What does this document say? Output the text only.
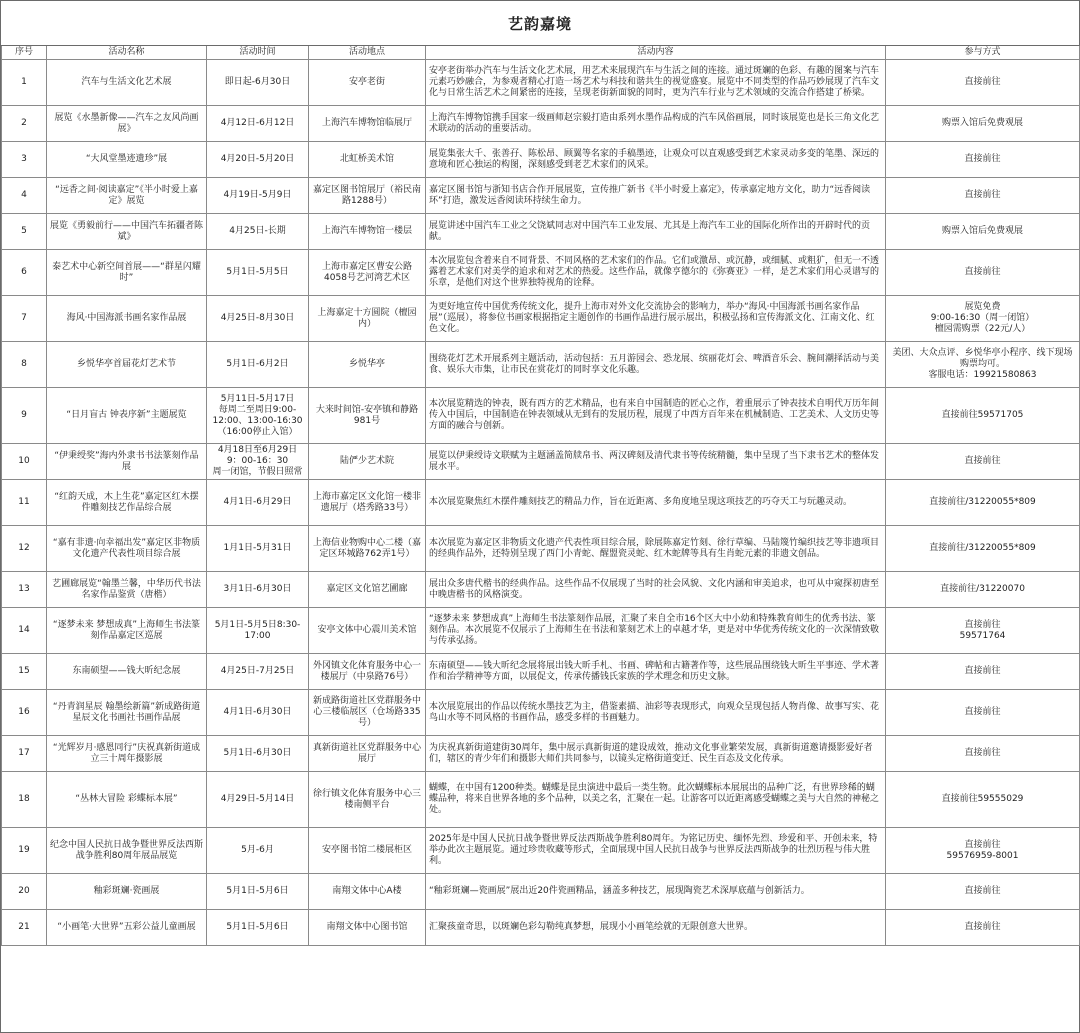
艺韵嘉境
序号	活动名称	活动时间	活动地点	活动内容	参与方式
1	汽车与生活文化艺术展	即日起-6月30日	安亭老街	安亭老街举办汽车与生活文化艺术展，用艺术来展现汽车与生活之间的连接。通过斑斓的色彩、有趣的图案与汽车元素巧妙融合，为参观者精心打造一场艺术与科技和谐共生的视觉盛宴。展览中不同类型的作品巧妙展现了汽车文化与日常生活艺术之间紧密的连接，呈现老街新面貌的同时，更为汽车行业与艺术领域的交流合作搭建了桥梁。	直接前往
2	展览《水墨新像——汽车之友风尚画展》	4月12日-6月12日	上海汽车博物馆临展厅	上海汽车博物馆携手国家一级画师赵宗毅打造由系列水墨作品构成的汽车风俗画展，同时该展览也是长三角文化艺术联动的活动的重要活动。	购票入馆后免费观展
3	“大风堂墨迹遗珍”展	4月20日-5月20日	北虹桥美术馆	展览集张大千、张善孖、陈松昂、顾翼等名家的手稿墨迹，让观众可以直观感受到艺术家灵动多变的笔墨、深远的意境和匠心独运的构图，深刻感受到老艺术家们的风采。	直接前往
4	“远香之间·阅读嘉定”《半小时爱上嘉定》展览	4月19日-5月9日	嘉定区图书馆展厅（裕民南路1288号）	嘉定区图书馆与浙知书店合作开展展览，宣传推广新书《半小时爱上嘉定》，传承嘉定地方文化，助力“远香阅读环”打造，激发远香阅读环持续生命力。	直接前往
5	展览《勇毅前行——中国汽车拓疆者陈斌》	4月25日-长期	上海汽车博物馆一楼层	展览讲述中国汽车工业之父饶斌同志对中国汽车工业发展、尤其是上海汽车工业的国际化所作出的开辟时代的贡献。	购票入馆后免费观展
6	泰艺术中心新空间首展——“群星闪耀时”	5月1日-5月5日	上海市嘉定区曹安公路4058号艺河湾艺术区	本次展览包含着来自不同背景、不同风格的艺术家们的作品。它们或激昂、或沉静，或细腻、或粗犷，但无一不透露着艺术家们对美学的追求和对艺术的热爱。这些作品，就像亨德尔的《弥赛亚》一样，是艺术家们用心灵谱写的乐章，是他们对这个世界独特视角的诠释。	直接前往
7	海风·中国海派书画名家作品展	4月25日-8月30日	上海嘉定十方圆院（檀园内）	为更好地宣传中国优秀传统文化，提升上海市对外文化交流协会的影响力，举办“海风·中国海派书画名家作品展”（巡展），将参位书画家根据指定主题创作的书画作品进行展示展出，积极弘扬和宣传海派文化、江南文化、红色文化。	展览免费
9:00-16:30（周一闭馆）
檀园需购票（22元/人）
8	乡悦华亭首届花灯艺术节	5月1日-6月2日	乡悦华亭	围绕花灯艺术开展系列主题活动，活动包括：五月游园会、恐龙展、缤丽花灯会、啤酒音乐会、腕间潮择活动与美食、娱乐大市集，让市民在赏花灯的同时享文化乐趣。	美团、大众点评、乡悦华亭小程序、线下现场购票均可。
客服电话：19921580863
9	“日月盲古 钟表序新”主题展览	5月11日-5月17日
每周二至周日9:00-12:00、13:00-16:30（16:00停止入馆）	大来时间馆-安亭镇和静路981号	本次展览精选的钟表，既有西方的艺术精品，也有来自中国制造的匠心之作，着重展示了钟表技术自明代万历年间传入中国后，中国制造在钟表领域从无到有的发展历程，展现了中西方百年来在机械制造、工艺美术、人文历史等方面的融合与创新。	直接前往59571705
10	“伊秉绶奖”海内外隶书书法篆刻作品展	4月18日至6月29日
9：00-16：30
周一闭馆，节假日照常	陆俨少艺术院	展览以伊秉绶诗文联赋为主题涵盖简牍帛书、两汉碑刻及清代隶书等传统精髓，集中呈现了当下隶书艺术的整体发展水平。	直接前往
11	“红韵天成，木上生花”嘉定区红木摆件雕刻技艺作品综合展	4月1日-6月29日	上海市嘉定区文化馆一楼非遗展厅（塔秀路33号）	本次展览聚焦红木摆件雕刻技艺的精品力作，旨在近距离、多角度地呈现这项技艺的巧夺天工与玩趣灵动。	直接前往/31220055*809
12	“嘉有非遗·向幸福出发”嘉定区非物质文化遗产代表性项目综合展	1月1日-5月31日	上海信业物购中心二楼（嘉定区环城路762弄1号）	本次展览为嘉定区非物质文化遗产代表性项目综合展，除展陈嘉定竹刻、徐行草编、马陆篾竹编织技艺等非遗项目的经典作品外，还特别呈现了西门小青蛇、醒盟瓷灵蛇、红木蛇牌等具有生肖蛇元素的非遗文创品。	直接前往/31220055*809
13	艺圃廊展览“翰墨兰馨，中华历代书法名家作品鉴赏（唐楷）	3月1日-6月30日	嘉定区文化馆艺圃廊	展出众多唐代楷书的经典作品。这些作品不仅展现了当时的社会风貌、文化内涵和审美追求，也可从中窥探初唐至中晚唐楷书的风格演变。	直接前往/31220070
14	“逐梦未来 梦想成真”上海师生书法篆刻作品嘉定区巡展	5月1日-5月5日8:30-17:00	安亭文体中心震川美术馆	“逐梦未来 梦想成真”上海师生书法篆刻作品展，汇聚了来自全市16个区大中小幼和特殊教育师生的优秀书法、篆刻作品。本次展览不仅展示了上海师生在书法和篆刻艺术上的卓越才华，更是对中华优秀传统文化的一次深情致敬与传承弘扬。	直接前往
59571764
15	东南硕望——钱大昕纪念展	4月25日-7月25日	外冈镇文化体育服务中心一楼展厅（中泉路76号）	东南硕望——钱大昕纪念展将展出钱大昕手札、书画、碑帖和古籍著作等，这些展品围绕钱大昕生平事迹、学术著作和治学精神等方面，以展促文，传承传播钱氏家族的学术理念和历史文脉。	直接前往
16	“丹青润星辰 翰墨绘新篇”新成路街道星辰文化书画社书画作品展	4月1日-6月30日	新成路街道社区党群服务中心三楼临展区（仓场路335号）	本次展览展出的作品以传统水墨技艺为主，借鉴素描、油彩等表现形式，向观众呈现包括人物肖像、故事写实、花鸟山水等不同风格的书画作品，感受多样的书画魅力。	直接前往
17	“光辉岁月·感恩同行”庆祝真新街道成立三十周年摄影展	5月1日-6月30日	真新街道社区党群服务中心展厅	为庆祝真新街道建街30周年，集中展示真新街道的建设成效，推动文化事业繁荣发展，真新街道邀请摄影爱好者们，辖区的青少年们和摄影大师们共同参与，以镜头定格街道变迁、民生百态及文化传承。	直接前往
18	“丛林大冒险 彩蝶标本展”	4月29日-5月14日	徐行镇文化体育服务中心三楼南侧平台	蝴蝶，在中国有1200种类。蝴蝶是昆虫演进中最后一类生物。此次蝴蝶标本展展出的品种广泛，有世界珍稀的蝴蝶品种，将来自世界各地的多个品种，以美之名，汇聚在一起。让游客可以近距离感受蝴蝶之美与大自然的神秘之处。	直接前往59555029
19	纪念中国人民抗日战争暨世界反法西斯战争胜利80周年展品展览	5月-6月	安亭图书馆二楼展柜区	2025年是中国人民抗日战争暨世界反法西斯战争胜利80周年。为铭记历史、缅怀先烈、珍爱和平、开创未来，特举办此次主题展览。通过珍贵收藏等形式，全面展现中国人民抗日战争与世界反法西斯战争的壮烈历程与伟大胜利。	直接前往
59576959-8001
20	釉彩斑斓·瓷画展	5月1日-5月6日	南翔文体中心A楼	“釉彩斑斓—瓷画展”展出近20件瓷画精品，涵盖多种技艺，展现陶瓷艺术深厚底蕴与创新活力。	直接前往
21	“小画笔·大世界”五彩公益儿童画展	5月1日-5月6日	南翔文体中心图书馆	汇聚孩童奇思，以斑斓色彩勾勒纯真梦想，展现小小画笔绘就的无限创意大世界。	直接前往
